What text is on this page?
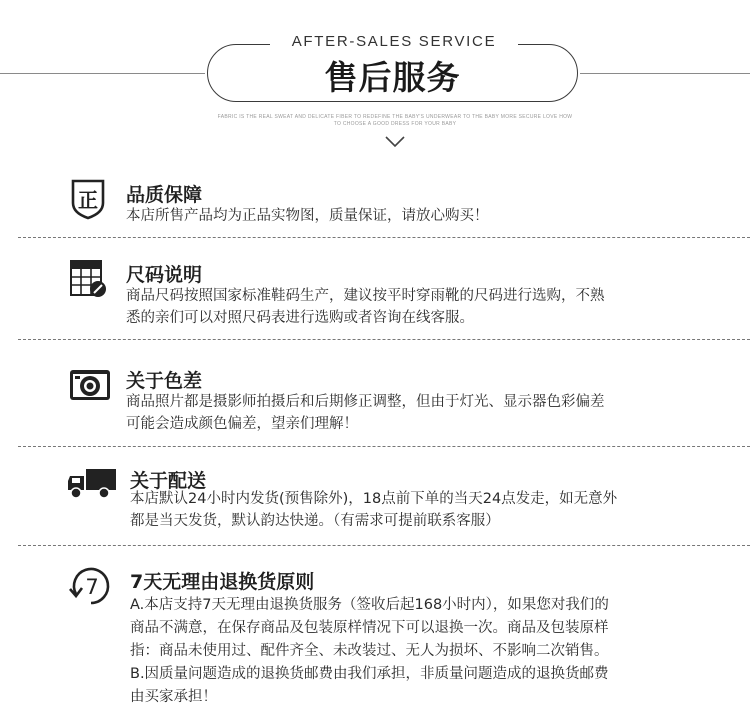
AFTER-SALES SERVICE
售后服务
FABRIC IS THE REAL SWEAT AND DELICATE FIBER TO REDEFINE THE BABY'S UNDERWEAR TO THE BABY MORE SECURE LOVE HOW
TO CHOOSE A GOOD DRESS FOR YOUR BABY
正 品质保障
本店所售产品均为正品实物图，质量保证，请放心购买！
尺码说明
商品尺码按照国家标准鞋码生产，建议按平时穿雨靴的尺码进行选购，不熟
悉的亲们可以对照尺码表进行选购或者咨询在线客服。
关于色差
商品照片都是摄影师拍摄后和后期修正调整，但由于灯光、显示器色彩偏差
可能会造成颜色偏差，望亲们理解！
关于配送
本店默认24小时内发货(预售除外)，18点前下单的当天24点发走，如无意外
都是当天发货，默认韵达快递。（有需求可提前联系客服）
7 7天无理由退换货原则
A.本店支持7天无理由退换货服务（签收后起168小时内），如果您对我们的
商品不满意，在保存商品及包装原样情况下可以退换一次。商品及包装原样
指：商品未使用过、配件齐全、未改装过、无人为损坏、不影响二次销售。
B.因质量问题造成的退换货邮费由我们承担，非质量问题造成的退换货邮费
由买家承担！
